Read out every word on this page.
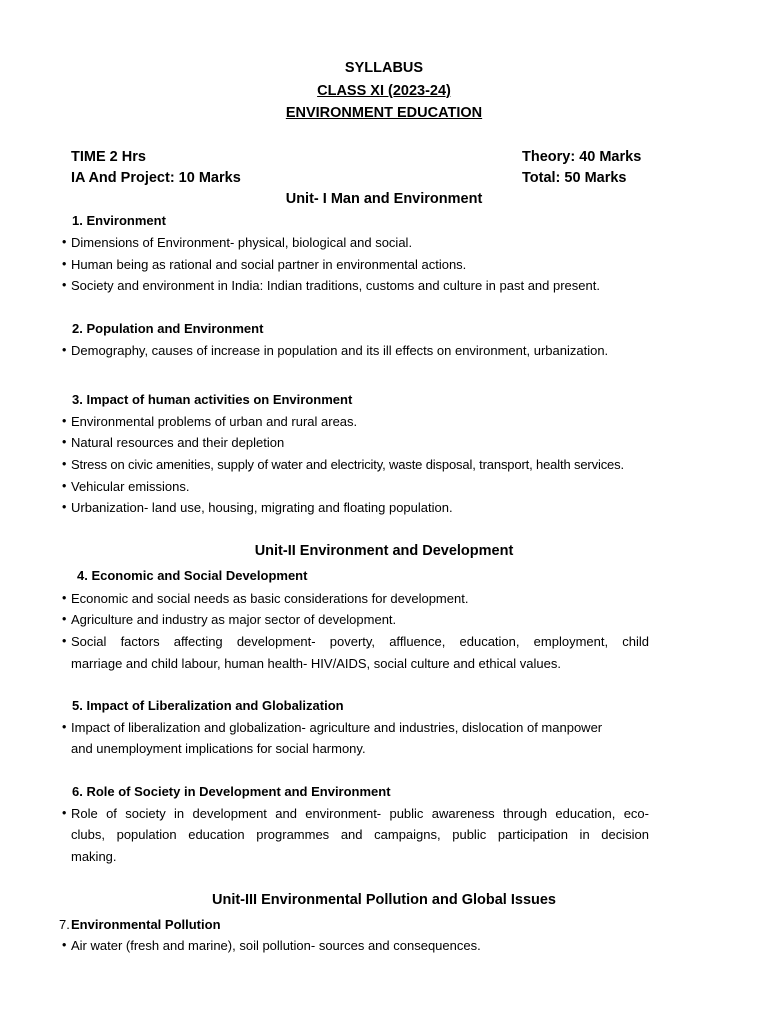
SYLLABUS
CLASS XI (2023-24)
ENVIRONMENT EDUCATION
TIME 2 Hrs	Theory: 40 Marks
IA And Project: 10 Marks	Total: 50 Marks
Unit- I Man and Environment
1. Environment
• Dimensions of Environment- physical, biological and social.
• Human being as rational and social partner in environmental actions.
• Society and environment in India: Indian traditions, customs and culture in past and present.
2. Population and Environment
• Demography, causes of increase in population and its ill effects on environment, urbanization.
3. Impact of human activities on Environment
• Environmental problems of urban and rural areas.
• Natural resources and their depletion
• Stress on civic amenities, supply of water and electricity, waste disposal, transport, health services.
• Vehicular emissions.
• Urbanization- land use, housing, migrating and floating population.
Unit-II Environment and Development
4. Economic and Social Development
• Economic and social needs as basic considerations for development.
• Agriculture and industry as major sector of development.
• Social factors affecting development- poverty, affluence, education, employment, child
marriage and child labour, human health- HIV/AIDS, social culture and ethical values.
5. Impact of Liberalization and Globalization
• Impact of liberalization and globalization- agriculture and industries, dislocation of manpower
and unemployment implications for social harmony.
6. Role of Society in Development and Environment
• Role of society in development and environment- public awareness through education, eco-
clubs, population education programmes and campaigns, public participation in decision
making.
Unit-III Environmental Pollution and Global Issues
7. Environmental Pollution
• Air water (fresh and marine), soil pollution- sources and consequences.
